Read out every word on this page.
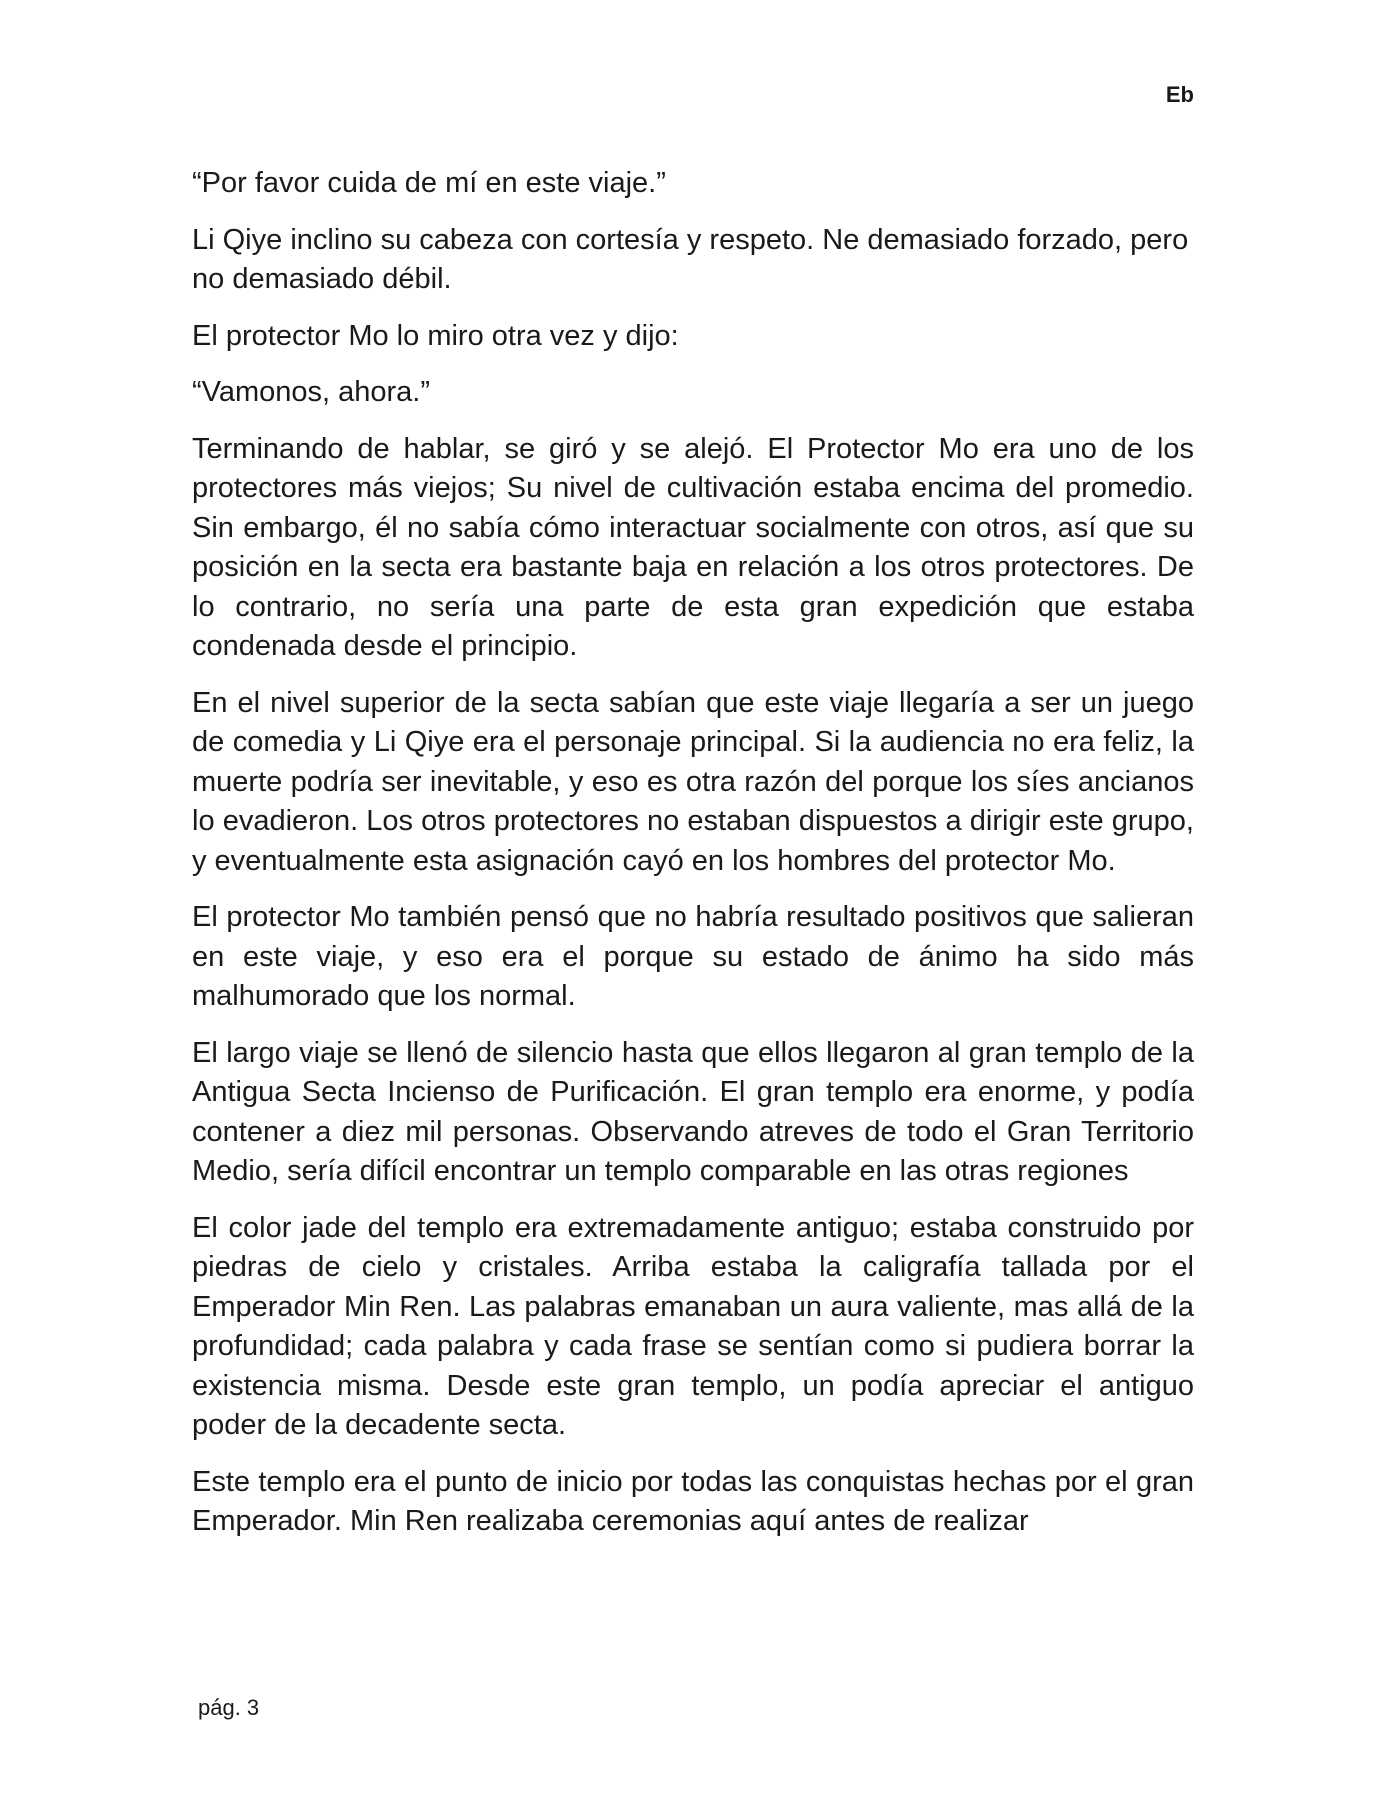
Eb

“Por favor cuida de mí en este viaje.”

Li Qiye inclino su cabeza con cortesía y respeto. Ne demasiado forzado, pero no demasiado débil.

El protector Mo lo miro otra vez y dijo:

“Vamonos, ahora.”

Terminando de hablar, se giró y se alejó. El Protector Mo era uno de los protectores más viejos; Su nivel de cultivación estaba encima del promedio. Sin embargo, él no sabía cómo interactuar socialmente con otros, así que su posición en la secta era bastante baja en relación a los otros protectores. De lo contrario, no sería una parte de esta gran expedición que estaba condenada desde el principio.

En el nivel superior de la secta sabían que este viaje llegaría a ser un juego de comedia y Li Qiye era el personaje principal. Si la audiencia no era feliz, la muerte podría ser inevitable, y eso es otra razón del porque los síes ancianos lo evadieron. Los otros protectores no estaban dispuestos a dirigir este grupo, y eventualmente esta asignación cayó en los hombres del protector Mo.

El protector Mo también pensó que no habría resultado positivos que salieran en este viaje, y eso era el porque su estado de ánimo ha sido más malhumorado que los normal.

El largo viaje se llenó de silencio hasta que ellos llegaron al gran templo de la Antigua Secta Incienso de Purificación. El gran templo era enorme, y podía contener a diez mil personas. Observando atreves de todo el Gran Territorio Medio, sería difícil encontrar un templo comparable en las otras regiones

El color jade del templo era extremadamente antiguo; estaba construido por piedras de cielo y cristales. Arriba estaba la caligrafía tallada por el Emperador Min Ren. Las palabras emanaban un aura valiente, mas allá de la profundidad; cada palabra y cada frase se sentían como si pudiera borrar la existencia misma. Desde este gran templo, un podía apreciar el antiguo poder de la decadente secta.

Este templo era el punto de inicio por todas las conquistas hechas por el gran Emperador. Min Ren realizaba ceremonias aquí antes de realizar

pág. 3
